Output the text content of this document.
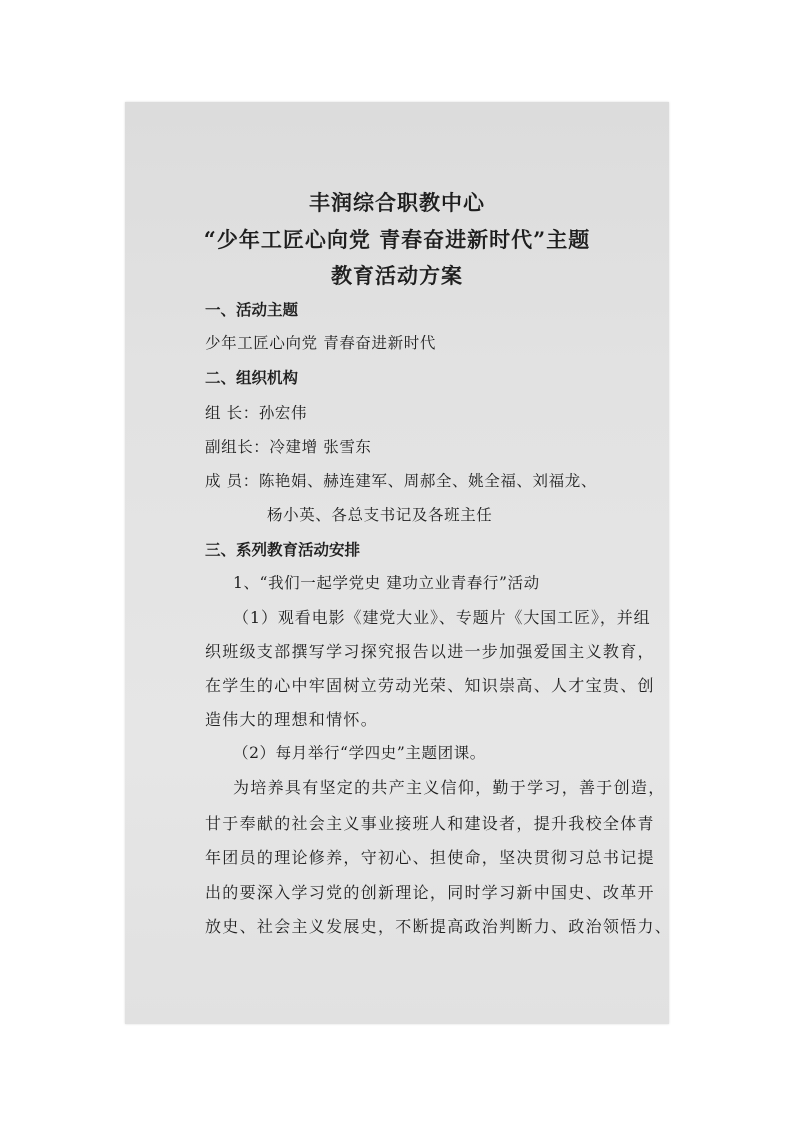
丰润综合职教中心
“少年工匠心向党 青春奋进新时代”主题
教育活动方案
一、活动主题
少年工匠心向党 青春奋进新时代
二、组织机构
组 长：孙宏伟
副组长：冷建增 张雪东
成 员：陈艳娟、赫连建军、周郝全、姚全福、刘福龙、
杨小英、各总支书记及各班主任
三、系列教育活动安排
1、“我们一起学党史 建功立业青春行”活动
（1）观看电影《建党大业》、专题片《大国工匠》，并组
织班级支部撰写学习探究报告以进一步加强爱国主义教育，
在学生的心中牢固树立劳动光荣、知识崇高、人才宝贵、创
造伟大的理想和情怀。
（2）每月举行“学四史”主题团课。
为培养具有坚定的共产主义信仰，勤于学习，善于创造，
甘于奉献的社会主义事业接班人和建设者，提升我校全体青
年团员的理论修养，守初心、担使命，坚决贯彻习总书记提
出的要深入学习党的创新理论，同时学习新中国史、改革开
放史、社会主义发展史，不断提高政治判断力、政治领悟力、
